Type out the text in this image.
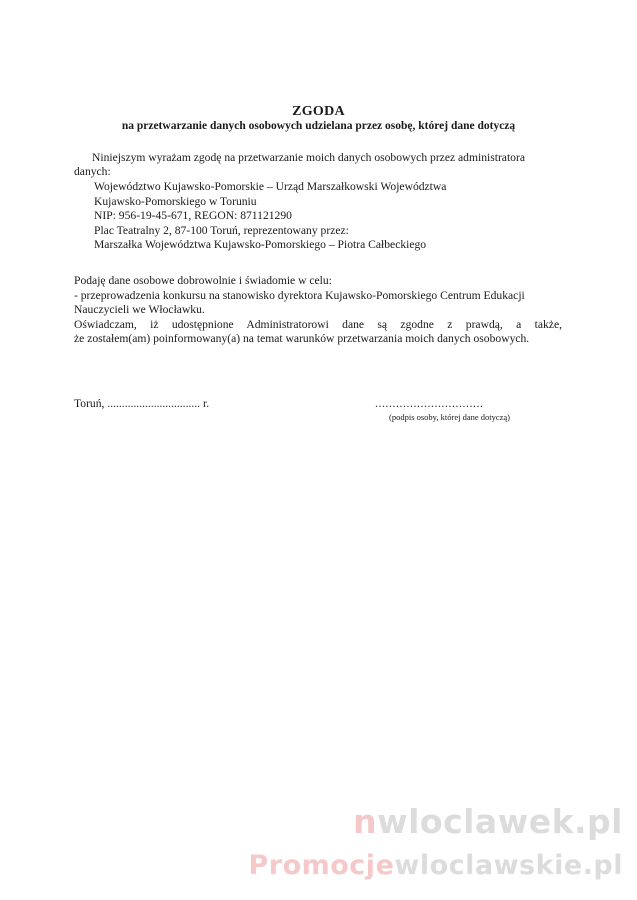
ZGODA
na przetwarzanie danych osobowych udzielana przez osobę, której dane dotyczą
Niniejszym wyrażam zgodę na przetwarzanie moich danych osobowych przez administratora
danych:
Województwo Kujawsko-Pomorskie – Urząd Marszałkowski Województwa
Kujawsko-Pomorskiego w Toruniu
NIP: 956-19-45-671, REGON: 871121290
Plac Teatralny 2, 87-100 Toruń, reprezentowany przez:
Marszałka Województwa Kujawsko-Pomorskiego – Piotra Całbeckiego
Podaję dane osobowe dobrowolnie i świadomie w celu:
- przeprowadzenia konkursu na stanowisko dyrektora Kujawsko-Pomorskiego Centrum Edukacji
Nauczycieli we Włocławku.
Oświadczam, iż udostępnione Administratorowi dane są zgodne z prawdą, a także,
że zostałem(am) poinformowany(a) na temat warunków przetwarzania moich danych osobowych.
Toruń, ................................ r.	...............................
(podpis osoby, której dane dotyczą)
nwloclawek.pl
Promocjewloclawskie.pl
